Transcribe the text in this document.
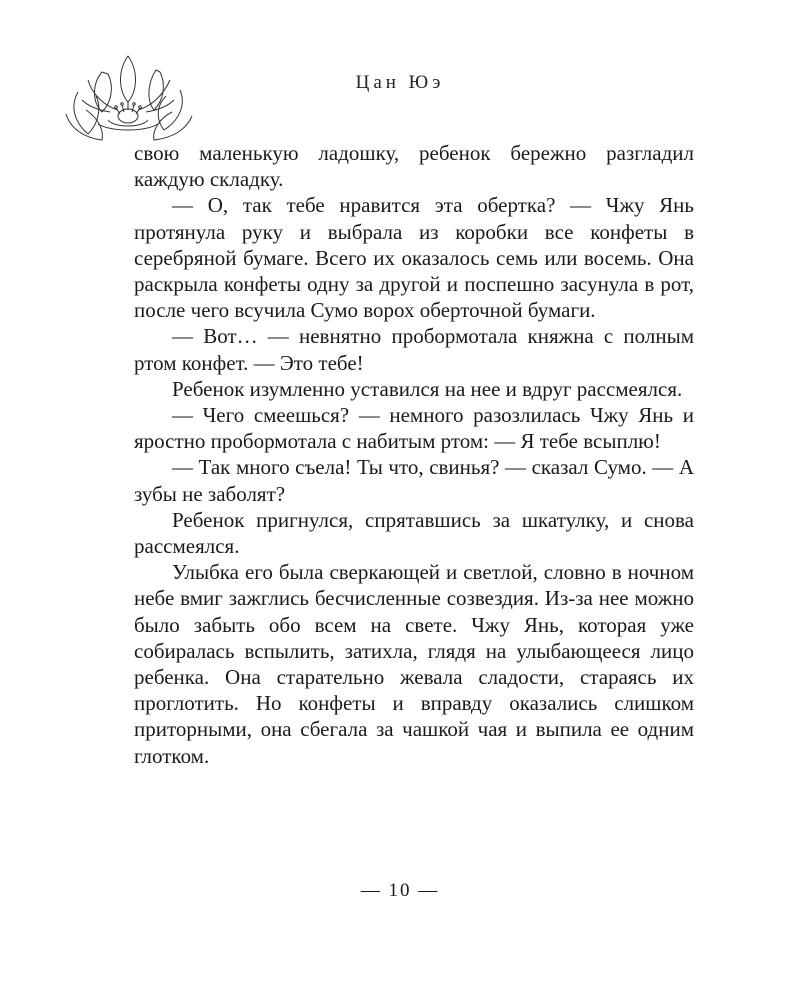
Цан Юэ

свою маленькую ладошку, ребенок бережно разгладил каждую складку.

— О, так тебе нравится эта обертка? — Чжу Янь протянула руку и выбрала из коробки все конфеты в серебряной бумаге. Всего их оказалось семь или восемь. Она раскрыла конфеты одну за другой и поспешно засунула в рот, после чего всучила Сумо ворох оберточной бумаги.

— Вот… — невнятно пробормотала княжна с полным ртом конфет. — Это тебе!

Ребенок изумленно уставился на нее и вдруг рассмеялся.

— Чего смеешься? — немного разозлилась Чжу Янь и яростно пробормотала с набитым ртом: — Я тебе всыплю!

— Так много съела! Ты что, свинья? — сказал Сумо. — А зубы не заболят?

Ребенок пригнулся, спрятавшись за шкатулку, и снова рассмеялся.

Улыбка его была сверкающей и светлой, словно в ночном небе вмиг зажглись бесчисленные созвездия. Из-за нее можно было забыть обо всем на свете. Чжу Янь, которая уже собиралась вспылить, затихла, глядя на улыбающееся лицо ребенка. Она старательно жевала сладости, стараясь их проглотить. Но конфеты и вправду оказались слишком приторными, она сбегала за чашкой чая и выпила ее одним глотком.

— 10 —
